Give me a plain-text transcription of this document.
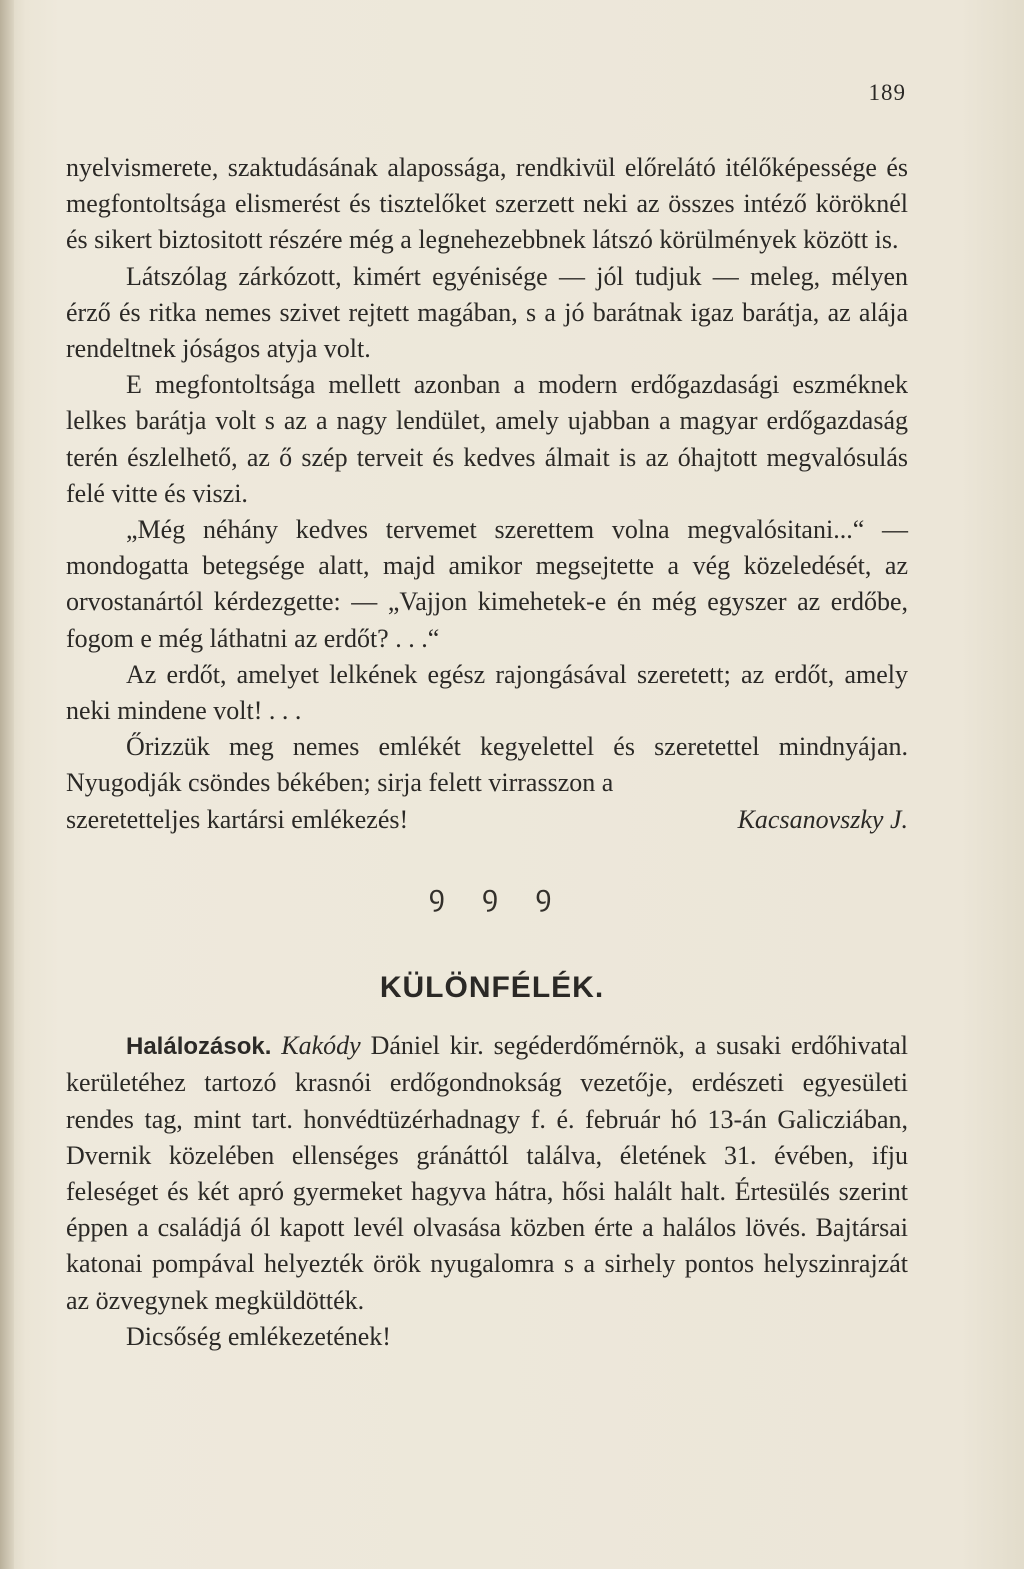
189

nyelvismerete, szaktudásának alapossága, rendkivül előrelátó itélőképessége és megfontoltsága elismerést és tisztelőket szerzett neki az összes intéző köröknél és sikert biztositott részére még a legnehezebbnek látszó körülmények között is.

Látszólag zárkózott, kimért egyénisége — jól tudjuk — meleg, mélyen érző és ritka nemes szivet rejtett magában, s a jó barátnak igaz barátja, az alája rendeltnek jóságos atyja volt.

E megfontoltsága mellett azonban a modern erdőgazdasági eszméknek lelkes barátja volt s az a nagy lendület, amely ujabban a magyar erdőgazdaság terén észlelhető, az ő szép terveit és kedves álmait is az óhajtott megvalósulás felé vitte és viszi.

„Még néhány kedves tervemet szerettem volna megvalósitani...“ — mondogatta betegsége alatt, majd amikor megsejtette a vég közeledését, az orvostanártól kérdezgette: — „Vajjon kimehetek-e én még egyszer az erdőbe, fogom e még láthatni az erdőt? . . .“

Az erdőt, amelyet lelkének egész rajongásával szeretett; az erdőt, amely neki mindene volt! . . .

Őrizzük meg nemes emlékét kegyelettel és szeretettel mindnyájan. Nyugodják csöndes békében; sirja felett virrasszon a

szeretetteljes kartársi emlékezés!	Kacsanovszky J.
ꝯ ꝯ ꝯ
KÜLÖNFÉLÉK.

Halálozások. Kakódy Dániel kir. segéderdőmérnök, a susaki erdőhivatal kerületéhez tartozó krasnói erdőgondnokság vezetője, erdészeti egyesületi rendes tag, mint tart. honvédtüzérhadnagy f. é. február hó 13-án Galicziában, Dvernik közelében ellenséges gránáttól találva, életének 31. évében, ifju feleséget és két apró gyermeket hagyva hátra, hősi halált halt. Értesülés szerint éppen a családjá ól kapott levél olvasása közben érte a halálos lövés. Bajtársai katonai pompával helyezték örök nyugalomra s a sirhely pontos helyszinrajzát az özvegynek megküldötték.

Dicsőség emlékezetének!
